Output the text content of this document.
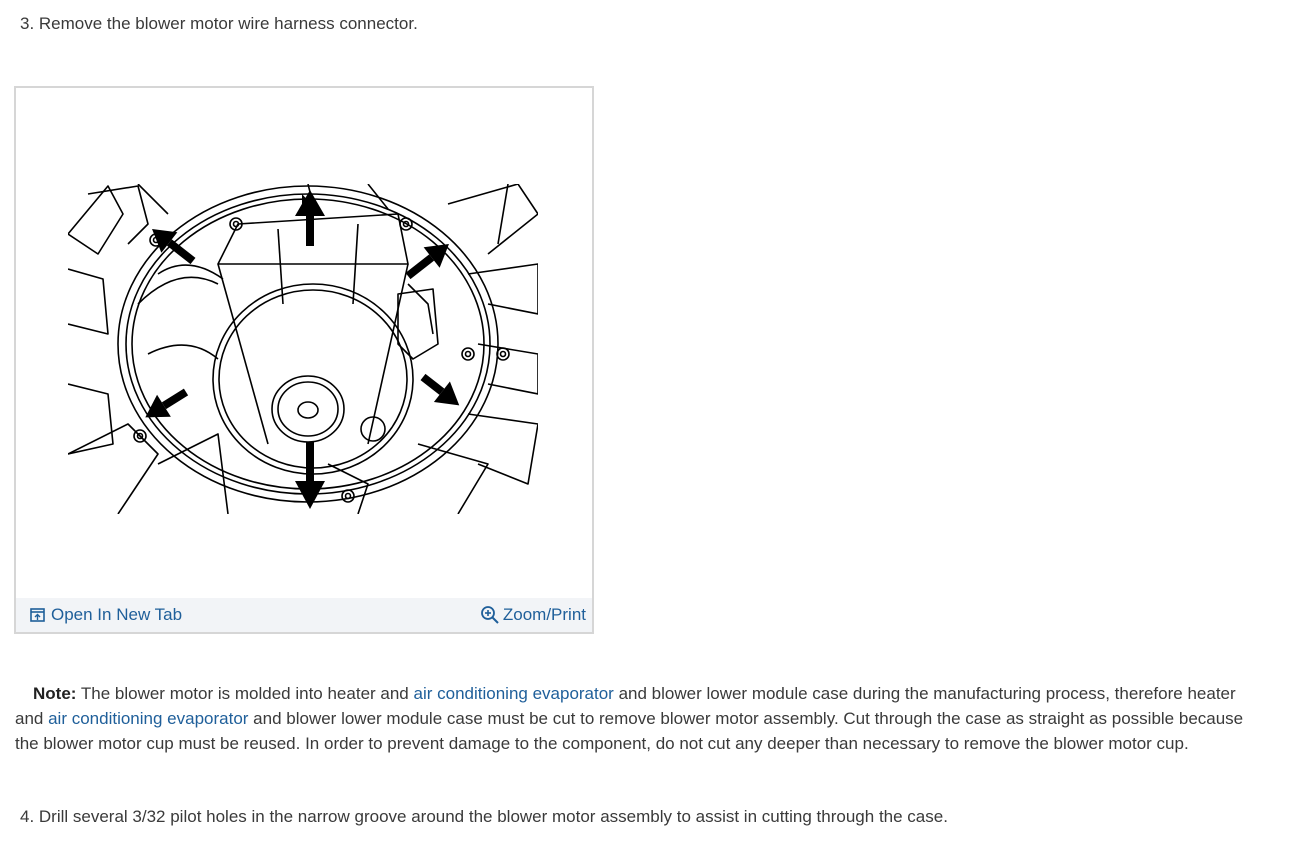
3. Remove the blower motor wire harness connector.
Open In New Tab	Zoom/Print
Note: The blower motor is molded into heater and air conditioning evaporator and blower lower module case during the manufacturing process, therefore heater and air conditioning evaporator and blower lower module case must be cut to remove blower motor assembly. Cut through the case as straight as possible because the blower motor cup must be reused. In order to prevent damage to the component, do not cut any deeper than necessary to remove the blower motor cup.
4. Drill several 3/32 pilot holes in the narrow groove around the blower motor assembly to assist in cutting through the case.
